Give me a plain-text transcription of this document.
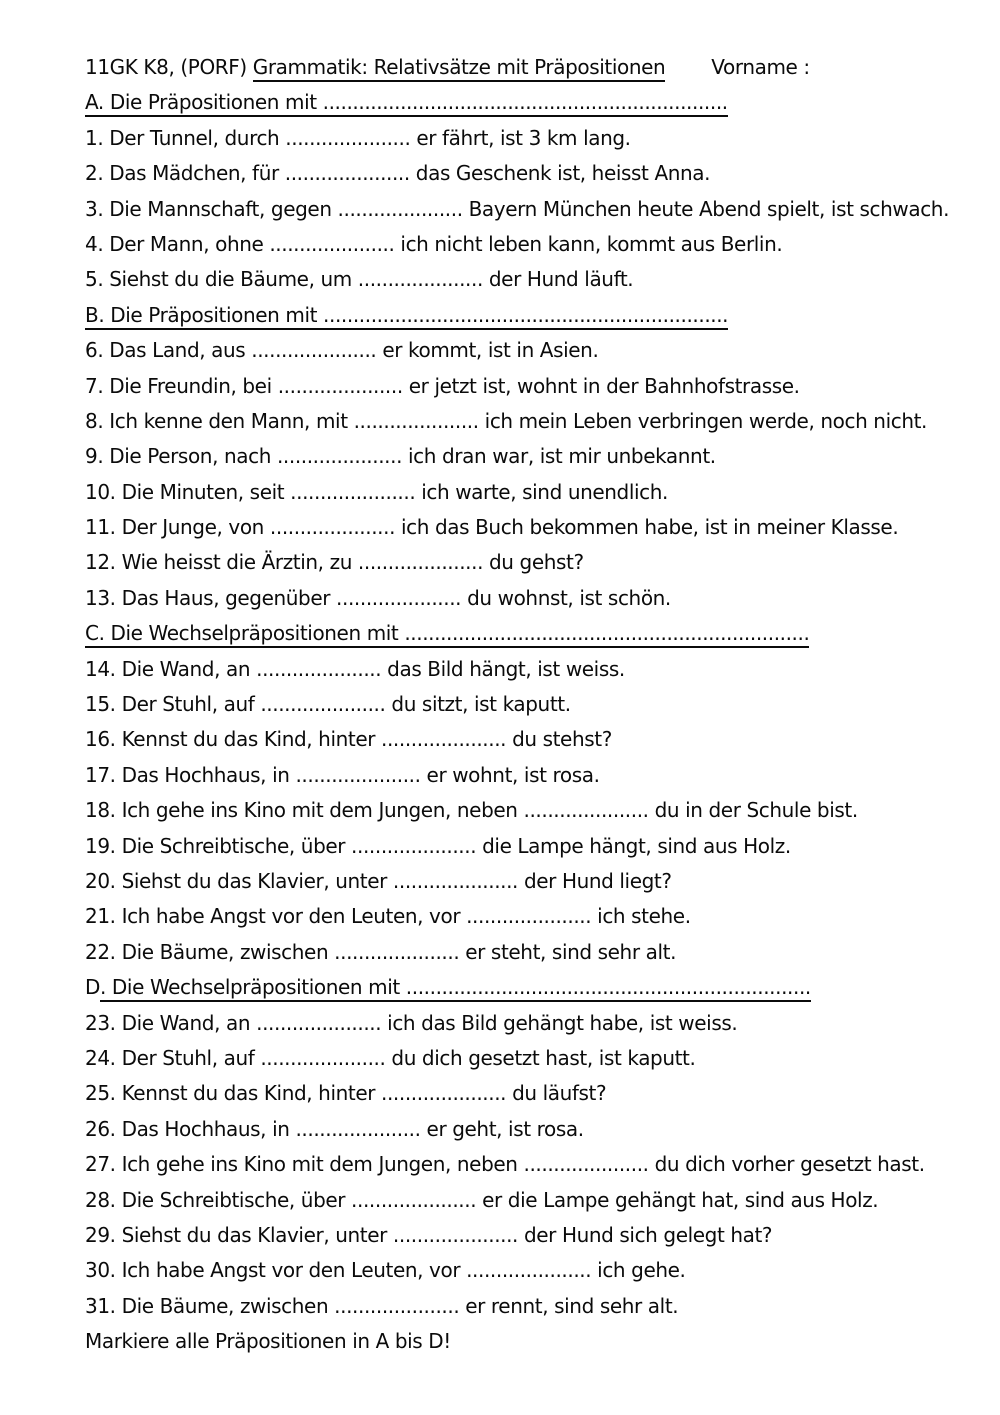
11GK K8, (PORF) Grammatik: Relativsätze mit Präpositionen Vorname :
A. Die Präpositionen mit ....................................................................
1. Der Tunnel, durch ..................... er fährt, ist 3 km lang.
2. Das Mädchen, für ..................... das Geschenk ist, heisst Anna.
3. Die Mannschaft, gegen ..................... Bayern München heute Abend spielt, ist schwach.
4. Der Mann, ohne ..................... ich nicht leben kann, kommt aus Berlin.
5. Siehst du die Bäume, um ..................... der Hund läuft.
B. Die Präpositionen mit ....................................................................
6. Das Land, aus ..................... er kommt, ist in Asien.
7. Die Freundin, bei ..................... er jetzt ist, wohnt in der Bahnhofstrasse.
8. Ich kenne den Mann, mit ..................... ich mein Leben verbringen werde, noch nicht.
9. Die Person, nach ..................... ich dran war, ist mir unbekannt.
10. Die Minuten, seit ..................... ich warte, sind unendlich.
11. Der Junge, von ..................... ich das Buch bekommen habe, ist in meiner Klasse.
12. Wie heisst die Ärztin, zu ..................... du gehst?
13. Das Haus, gegenüber ..................... du wohnst, ist schön.
C. Die Wechselpräpositionen mit ....................................................................
14. Die Wand, an ..................... das Bild hängt, ist weiss.
15. Der Stuhl, auf ..................... du sitzt, ist kaputt.
16. Kennst du das Kind, hinter ..................... du stehst?
17. Das Hochhaus, in ..................... er wohnt, ist rosa.
18. Ich gehe ins Kino mit dem Jungen, neben ..................... du in der Schule bist.
19. Die Schreibtische, über ..................... die Lampe hängt, sind aus Holz.
20. Siehst du das Klavier, unter ..................... der Hund liegt?
21. Ich habe Angst vor den Leuten, vor ..................... ich stehe.
22. Die Bäume, zwischen ..................... er steht, sind sehr alt.
D. Die Wechselpräpositionen mit ....................................................................
23. Die Wand, an ..................... ich das Bild gehängt habe, ist weiss.
24. Der Stuhl, auf ..................... du dich gesetzt hast, ist kaputt.
25. Kennst du das Kind, hinter ..................... du läufst?
26. Das Hochhaus, in ..................... er geht, ist rosa.
27. Ich gehe ins Kino mit dem Jungen, neben ..................... du dich vorher gesetzt hast.
28. Die Schreibtische, über ..................... er die Lampe gehängt hat, sind aus Holz.
29. Siehst du das Klavier, unter ..................... der Hund sich gelegt hat?
30. Ich habe Angst vor den Leuten, vor ..................... ich gehe.
31. Die Bäume, zwischen ..................... er rennt, sind sehr alt.
Markiere alle Präpositionen in A bis D!
